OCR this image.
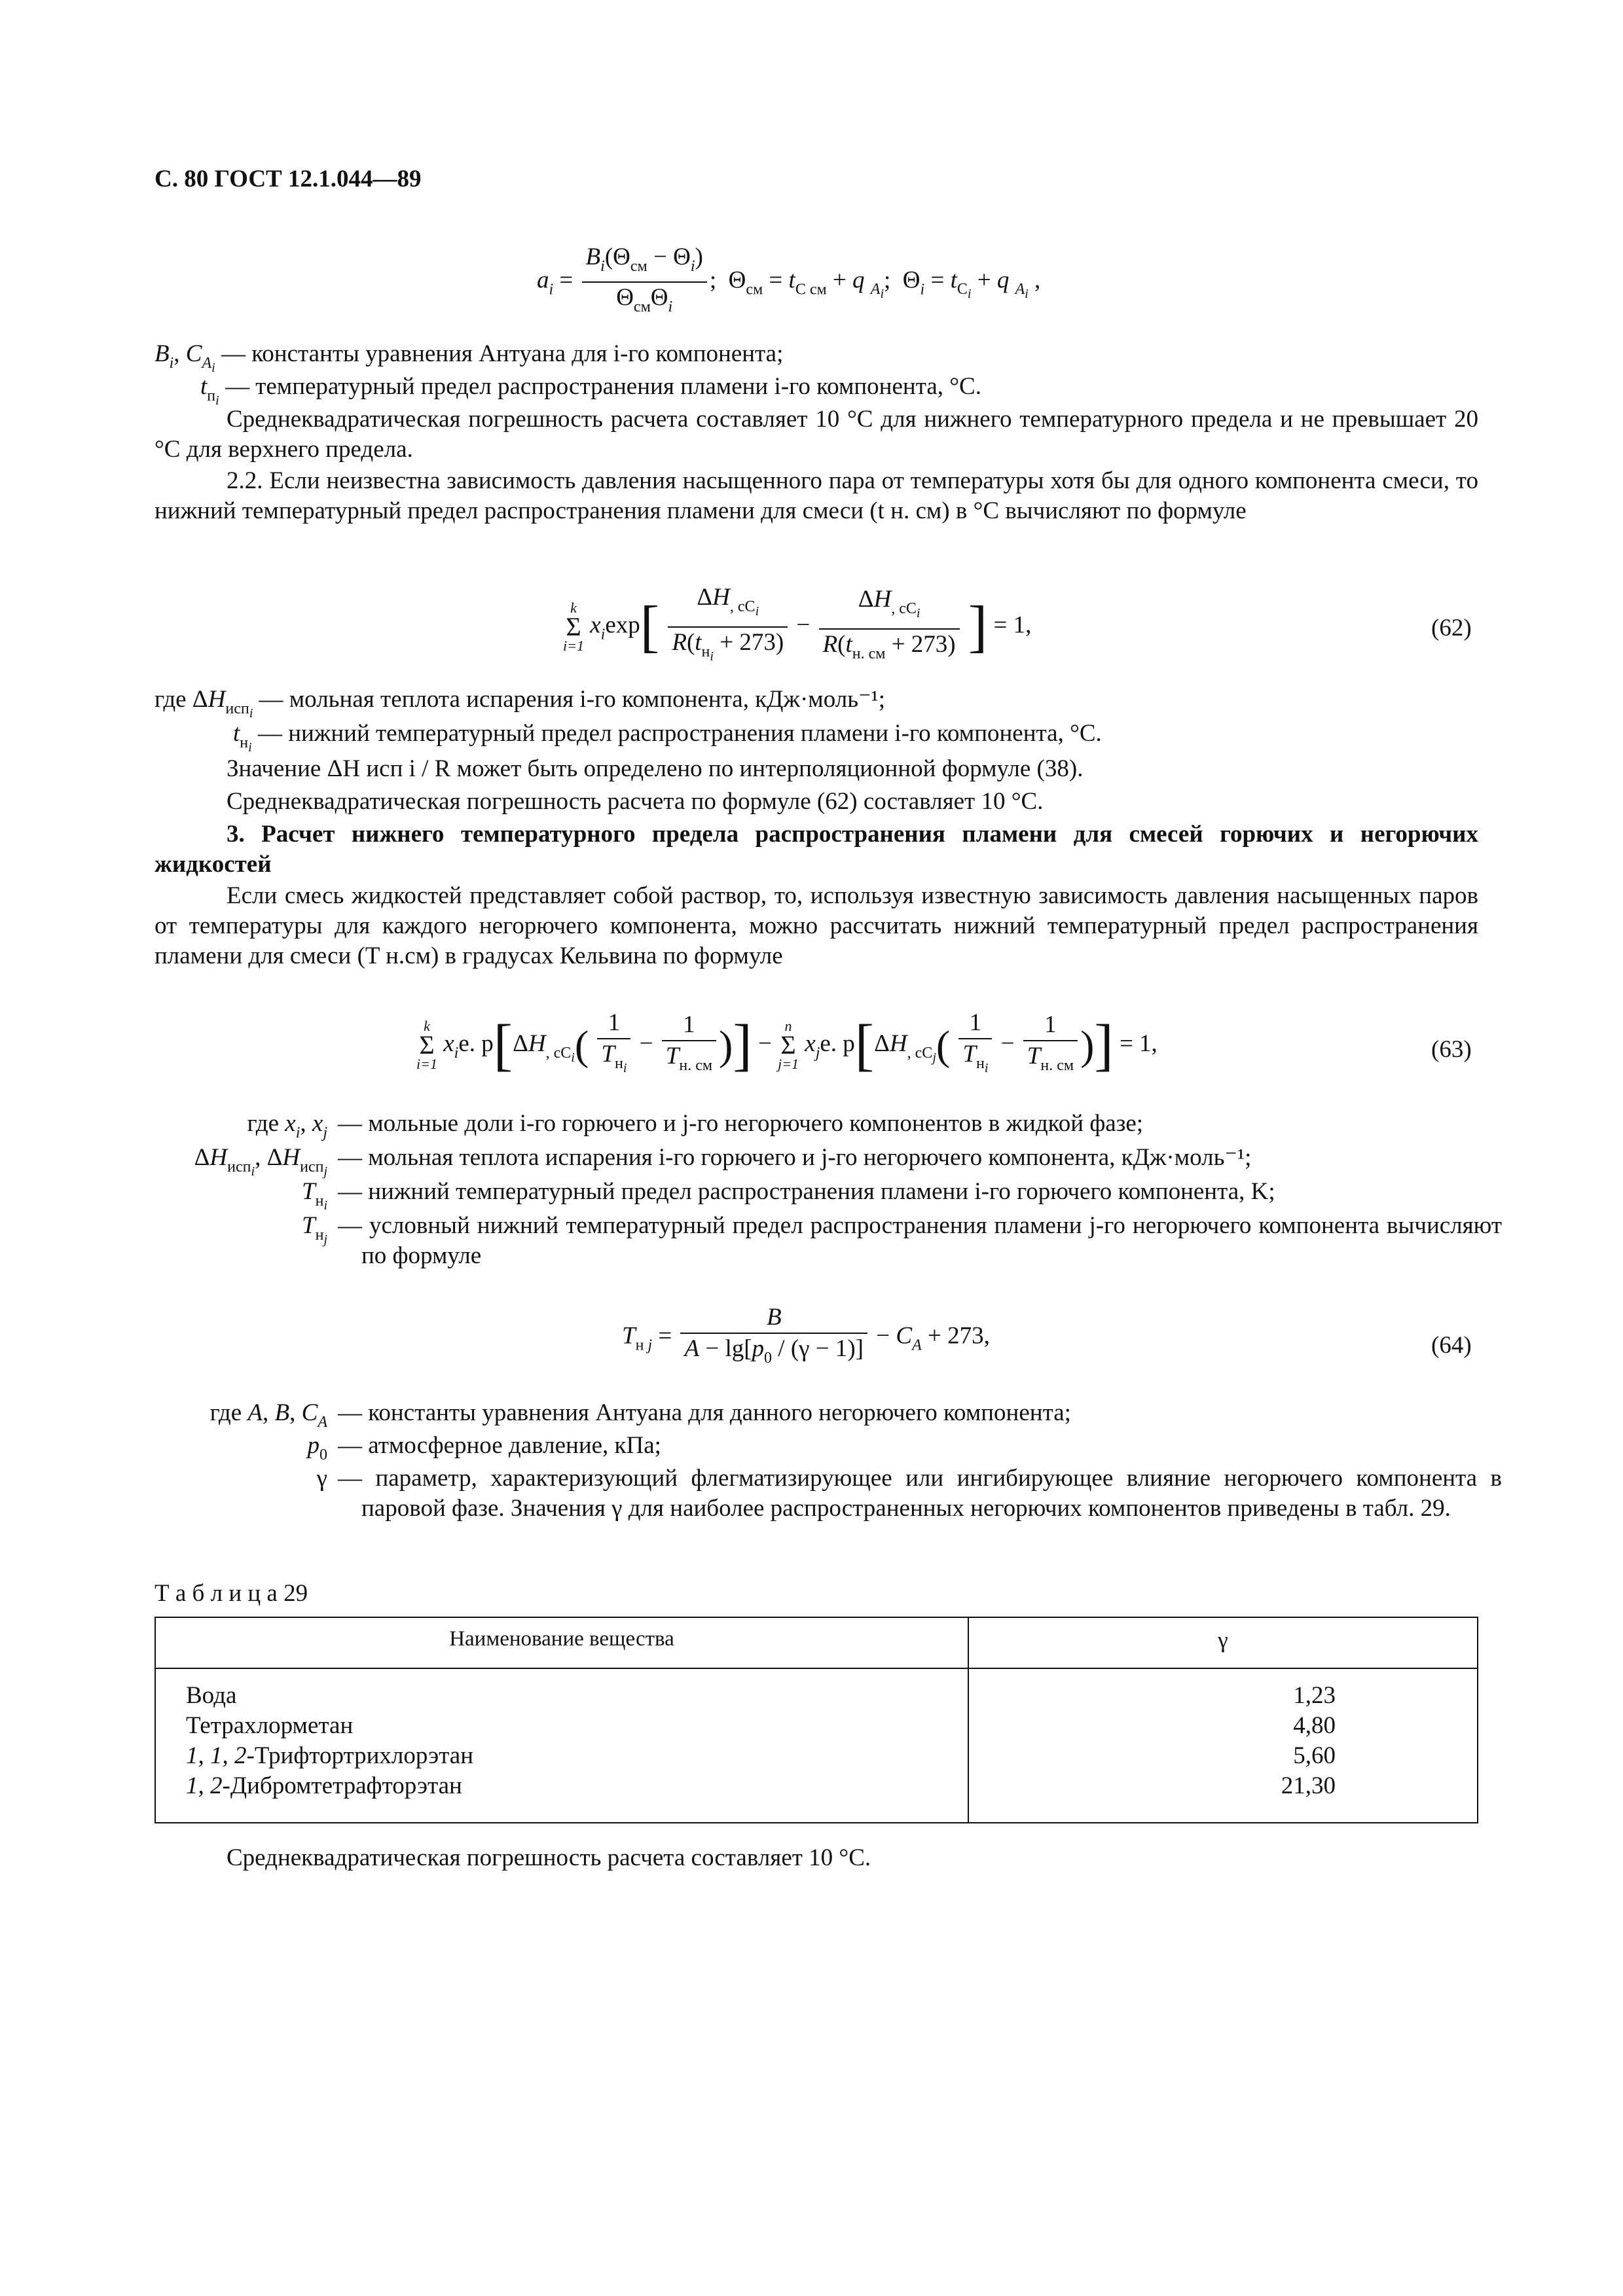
С. 80 ГОСТ 12.1.044—89
$a_i = \frac{B_i(\Theta_{см} - \Theta_i)}{\Theta_{см}\Theta_i}$ ;  $\Theta_{см} = t_{С см} + q$ $_{A_i}$;  $\Theta_i = t_{С_i} + q$ $_{A_i}$ ,
$B_i$, $C_{A_i}$ — константы уравнения Антуана для i-го компонента;
$t_{п_i}$ — температурный предел распространения пламени i-го компонента, °С.
Среднеквадратическая погрешность расчета составляет 10 °С для нижнего температурного предела и не превышает 20 °С для верхнего предела.
2.2. Если неизвестна зависимость давления насыщенного пара от температуры хотя бы для одного компонента смеси, то нижний температурный предел распространения пламени для смеси (t н. см) в °С вычисляют по формуле
k
Σ
i=1
$x_i\exp[ \frac{\Delta H_{, сС_i}}{R(t_{н_i} + 273)} - \frac{\Delta H_{, сС_i}}{R(t_{н. см} + 273)}$ ] = 1,	(62)
где $\Delta H_{исп_i}$ — мольная теплота испарения i-го компонента, кДж·моль⁻¹;
$t_{н_i}$ — нижний температурный предел распространения пламени i-го компонента, °С.
Значение ΔH исп i / R может быть определено по интерполяционной формуле (38).
Среднеквадратическая погрешность расчета по формуле (62) составляет 10 °С.
3. Расчет нижнего температурного предела распространения пламени для смесей горючих и негорючих жидкостей
Если смесь жидкостей представляет собой раствор, то, используя известную зависимость давления насыщенных паров от температуры для каждого негорючего компонента, можно рассчитать нижний температурный предел распространения пламени для смеси (T н.см) в градусах Кельвина по формуле
k
Σ
i=1
$x_ie$. $p[\Delta H_{, сС_i}( \frac{1}{T_{н_i}} - \frac{1}{T_{н. см}}$ )] −
n
Σ
j=1
$x_je$. $p[\Delta H_{, сС_j}( \frac{1}{T_{н_i}} - \frac{1}{T_{н. см}}$ )] = 1,	(63)
где $x_i$, $x_j$ — мольные доли i-го горючего и j-го негорючего компонентов в жидкой фазе;
$\Delta H_{исп_i}$, $\Delta H_{исп_j}$
— мольная теплота испарения i-го горючего и j-го негорючего компонента, кДж·моль⁻¹;
$T_{н_i}$
— нижний температурный предел распространения пламени i-го горючего компонента, K;
$T_{н_j}$
— условный нижний температурный предел распространения пламени j-го негорючего компонента вычисляют по формуле
$T_{н j} = \frac{B}{A - \lg[p_0 / (\gamma - 1)]} - C_A + 273$,	(64)
где A, B, $C_A$ — константы уравнения Антуана для данного негорючего компонента;
$p_0$ — атмосферное давление, кПа;
γ — параметр, характеризующий флегматизирующее или ингибирующее влияние негорючего компонента в паровой фазе. Значения γ для наиболее распространенных негорючих компонентов приведены в табл. 29.
Т а б л и ц а 29
Наименование вещества	γ
Вода	1,23
Тетрахлорметан	4,80
1, 1, 2-Трифтортрихлорэтан	5,60
1, 2-Дибромтетрафторэтан	21,30
Среднеквадратическая погрешность расчета составляет 10 °С.
